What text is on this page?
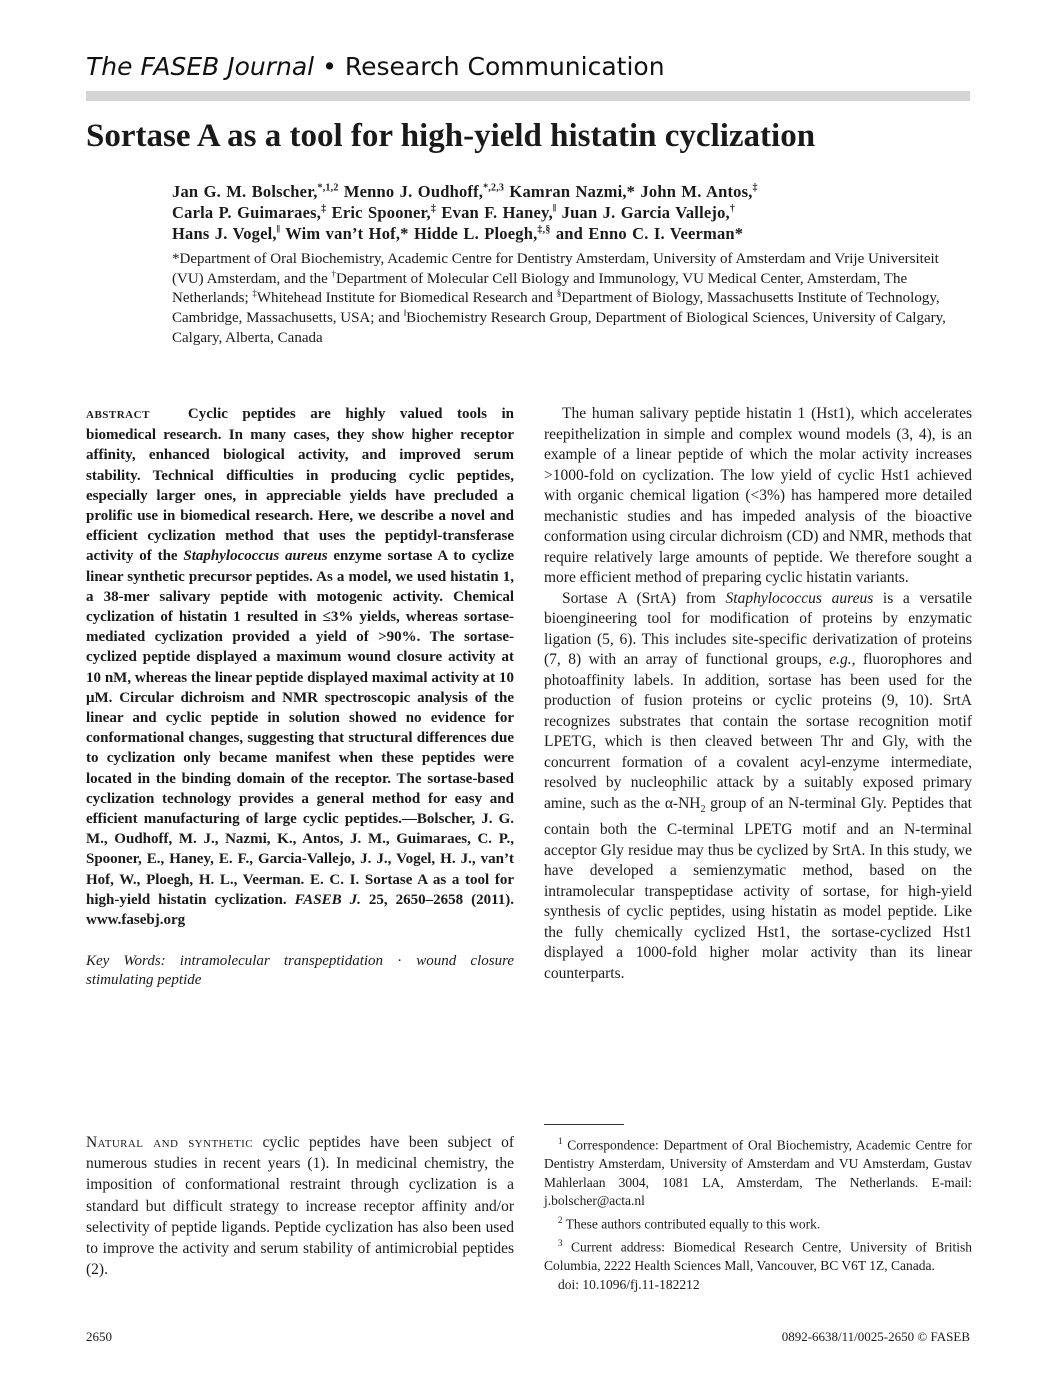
The FASEB Journal • Research Communication
Sortase A as a tool for high-yield histatin cyclization

Jan G. M. Bolscher,$^{*,1,2}$ Menno J. Oudhoff,$^{*,2,3}$ Kamran Nazmi,* John M. Antos,‡
Carla P. Guimaraes,‡ Eric Spooner,‡ Evan F. Haney,‖ Juan J. Garcia Vallejo,†
Hans J. Vogel,‖ Wim van’t Hof,* Hidde L. Ploegh,‡,§ and Enno C. I. Veerman*

*Department of Oral Biochemistry, Academic Centre for Dentistry Amsterdam, University of Amsterdam and Vrije Universiteit (VU) Amsterdam, and the †Department of Molecular Cell Biology and Immunology, VU Medical Center, Amsterdam, The Netherlands; ‡Whitehead Institute for Biomedical Research and §Department of Biology, Massachusetts Institute of Technology, Cambridge, Massachusetts, USA; and ‖Biochemistry Research Group, Department of Biological Sciences, University of Calgary, Calgary, Alberta, Canada

ABSTRACT	Cyclic peptides are highly valued tools in biomedical research. In many cases, they show higher receptor affinity, enhanced biological activity, and improved serum stability. Technical difficulties in producing cyclic peptides, especially larger ones, in appreciable yields have precluded a prolific use in biomedical research. Here, we describe a novel and efficient cyclization method that uses the peptidyl-transferase activity of the Staphylococcus aureus enzyme sortase A to cyclize linear synthetic precursor peptides. As a model, we used histatin 1, a 38-mer salivary peptide with motogenic activity. Chemical cyclization of histatin 1 resulted in ≤3% yields, whereas sortase-mediated cyclization provided a yield of >90%. The sortase-cyclized peptide displayed a maximum wound closure activity at 10 nM, whereas the linear peptide displayed maximal activity at 10 μM. Circular dichroism and NMR spectroscopic analysis of the linear and cyclic peptide in solution showed no evidence for conformational changes, suggesting that structural differences due to cyclization only became manifest when these peptides were located in the binding domain of the receptor. The sortase-based cyclization technology provides a general method for easy and efficient manufacturing of large cyclic peptides.—Bolscher, J. G. M., Oudhoff, M. J., Nazmi, K., Antos, J. M., Guimaraes, C. P., Spooner, E., Haney, E. F., Garcia-Vallejo, J. J., Vogel, H. J., van’t Hof, W., Ploegh, H. L., Veerman. E. C. I. Sortase A as a tool for high-yield histatin cyclization. FASEB J. 25, 2650–2658 (2011). www.fasebj.org

Key Words: intramolecular transpeptidation · wound closure stimulating peptide

Natural and synthetic cyclic peptides have been subject of numerous studies in recent years (1). In medicinal chemistry, the imposition of conformational restraint through cyclization is a standard but difficult strategy to increase receptor affinity and/or selectivity of peptide ligands. Peptide cyclization has also been used to improve the activity and serum stability of antimicrobial peptides (2).

The human salivary peptide histatin 1 (Hst1), which accelerates reepithelization in simple and complex wound models (3, 4), is an example of a linear peptide of which the molar activity increases >1000-fold on cyclization. The low yield of cyclic Hst1 achieved with organic chemical ligation (<3%) has hampered more detailed mechanistic studies and has impeded analysis of the bioactive conformation using circular dichroism (CD) and NMR, methods that require relatively large amounts of peptide. We therefore sought a more efficient method of preparing cyclic histatin variants.

Sortase A (SrtA) from Staphylococcus aureus is a versatile bioengineering tool for modification of proteins by enzymatic ligation (5, 6). This includes site-specific derivatization of proteins (7, 8) with an array of functional groups, e.g., fluorophores and photoaffinity labels. In addition, sortase has been used for the production of fusion proteins or cyclic proteins (9, 10). SrtA recognizes substrates that contain the sortase recognition motif LPETG, which is then cleaved between Thr and Gly, with the concurrent formation of a covalent acyl-enzyme intermediate, resolved by nucleophilic attack by a suitably exposed primary amine, such as the $\alpha-NH_2$ group of an N-terminal Gly. Peptides that contain both the C-terminal LPETG motif and an N-terminal acceptor Gly residue may thus be cyclized by SrtA. In this study, we have developed a semienzymatic method, based on the intramolecular transpeptidase activity of sortase, for high-yield synthesis of cyclic peptides, using histatin as model peptide. Like the fully chemically cyclized Hst1, the sortase-cyclized Hst1 displayed a 1000-fold higher molar activity than its linear counterparts.

$^1$ Correspondence: Department of Oral Biochemistry, Academic Centre for Dentistry Amsterdam, University of Amsterdam and VU Amsterdam, Gustav Mahlerlaan 3004, 1081 LA, Amsterdam, The Netherlands. E-mail: j.bolscher@acta.nl

$^2$ These authors contributed equally to this work.

$^3$ Current address: Biomedical Research Centre, University of British Columbia, 2222 Health Sciences Mall, Vancouver, BC V6T 1Z, Canada.

doi: 10.1096/fj.11-182212

2650	0892-6638/11/0025-2650 © FASEB
